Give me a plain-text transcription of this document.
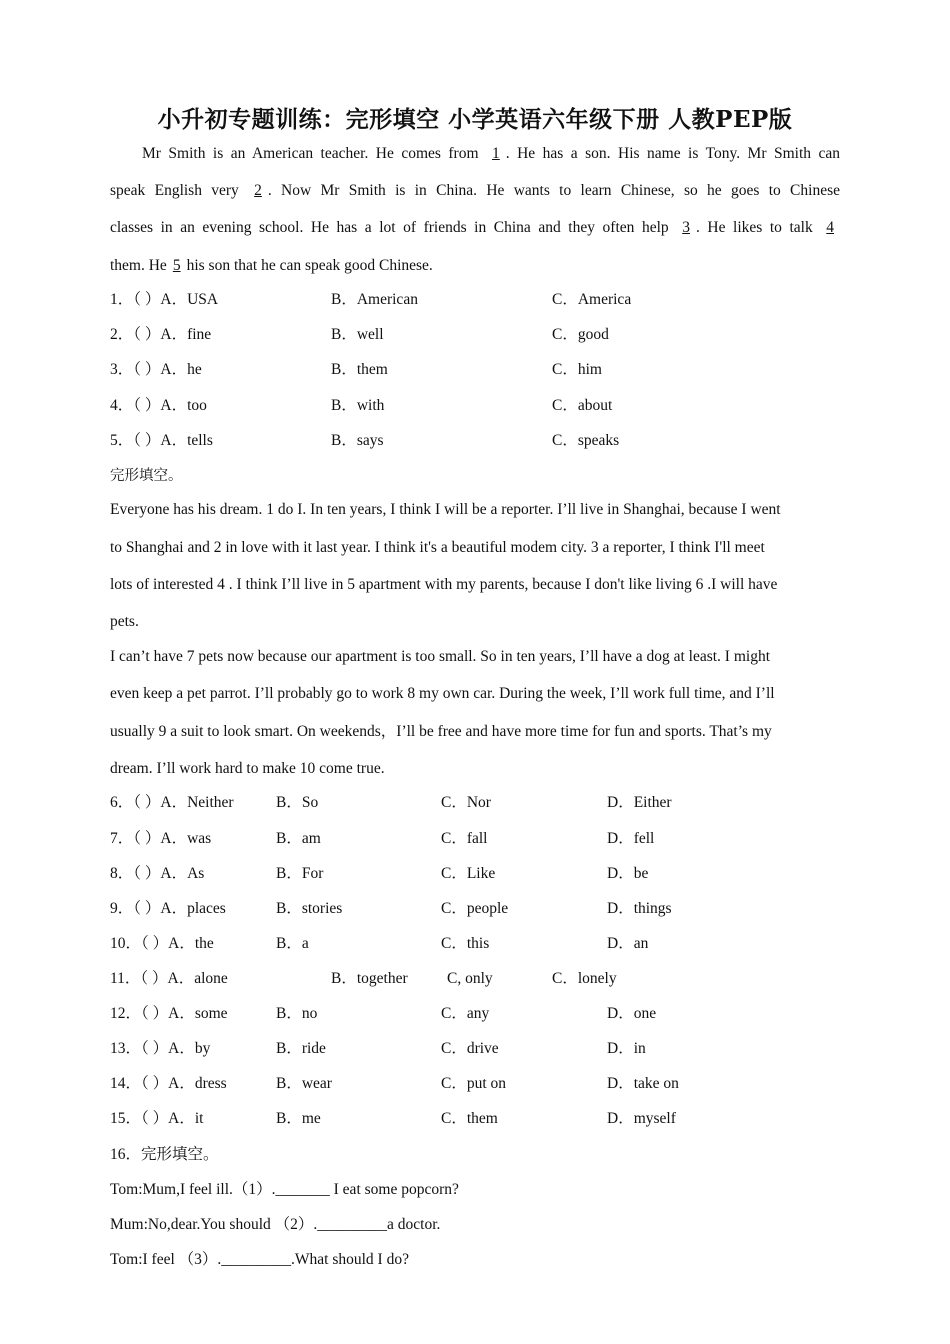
小升初专题训练：完形填空 小学英语六年级下册 人教PEP版
Mr Smith is an American teacher. He comes from 1 . He has a son. His name is Tony. Mr Smith can
speak English very 2 . Now Mr Smith is in China. He wants to learn Chinese, so he goes to Chinese
classes in an evening school. He has a lot of friends in China and they often help 3 . He likes to talk 4
them. He 5 his son that he can speak good Chinese.
1．（ ）A．USA	B．American	C．America
2．（ ）A．fine	B．well	C．good
3．（ ）A．he	B．them	C．him
4．（ ）A．too	B．with	C．about
5．（ ）A．tells	B．says	C．speaks
完形填空。
Everyone has his dream. 1 do I. In ten years, I think I will be a reporter. I’ll live in Shanghai, because I went
to Shanghai and 2 in love with it last year. I think it's a beautiful modem city. 3 a reporter, I think I'll meet
lots of interested 4 . I think I’ll live in 5 apartment with my parents, because I don't like living 6 .I will have
pets.
I can’t have 7 pets now because our apartment is too small. So in ten years, I’ll have a dog at least. I might
even keep a pet parrot. I’ll probably go to work 8 my own car. During the week, I’ll work full time, and I’ll
usually 9 a suit to look smart. On weekends，I’ll be free and have more time for fun and sports. That’s my
dream. I’ll work hard to make 10 come true.
6．（ ）A．Neither	B．So	C．Nor	D．Either
7．（ ）A．was	B．am	C．fall	D．fell
8．（ ）A．As	B．For	C．Like	D．be
9．（ ）A．places	B．stories	C．people	D．things
10．（ ）A．the	B．a	C．this	D．an
11．（ ）A．alone	B．together	C, only	C．lonely
12．（ ）A．some	B．no	C．any	D．one
13．（ ）A．by	B．ride	C．drive	D．in
14．（ ）A．dress	B．wear	C．put on	D．take on
15．（ ）A．it	B．me	C．them	D．myself
16．完形填空。
Tom:Mum,I feel ill.（1）._______ I eat some popcorn?
Mum:No,dear.You should （2）._________a doctor.
Tom:I feel （3）._________.What should I do?
